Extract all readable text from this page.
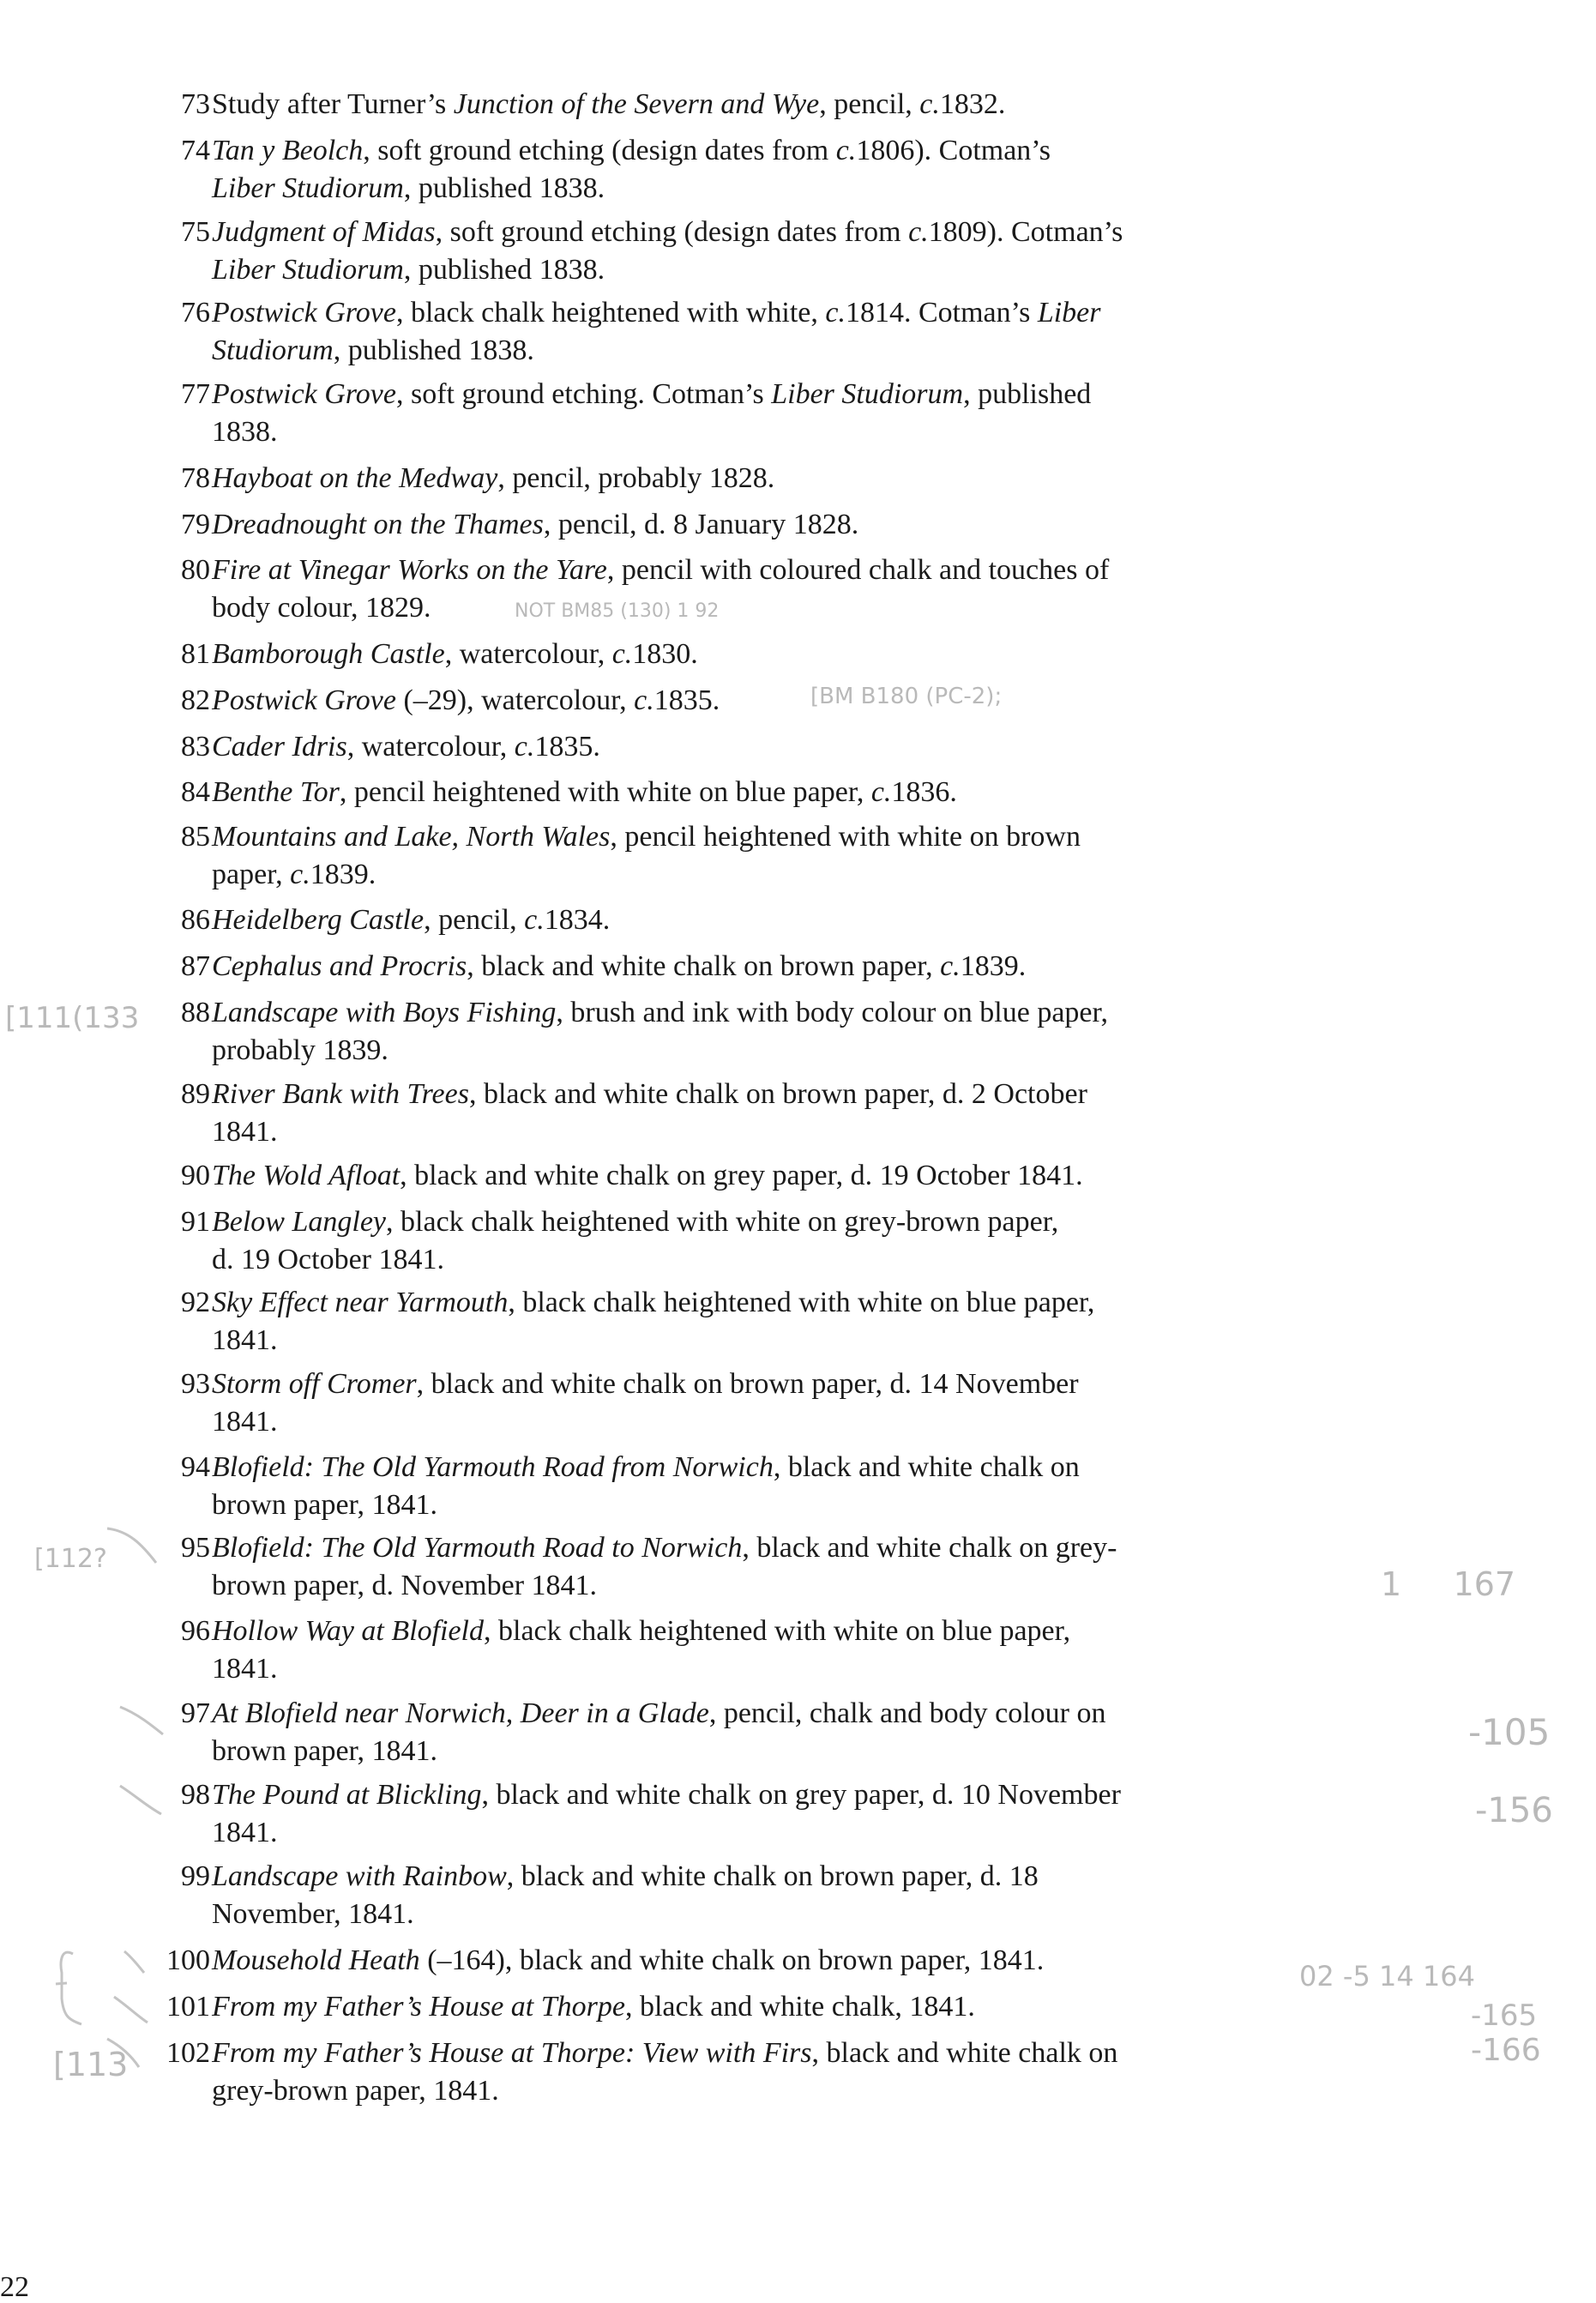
73 Study after Turner’s Junction of the Severn and Wye, pencil, c.1832.
74 Tan y Beolch, soft ground etching (design dates from c.1806). Cotman’s
Liber Studiorum, published 1838.
75 Judgment of Midas, soft ground etching (design dates from c.1809). Cotman’s
Liber Studiorum, published 1838.
76 Postwick Grove, black chalk heightened with white, c.1814. Cotman’s Liber
Studiorum, published 1838.
77 Postwick Grove, soft ground etching. Cotman’s Liber Studiorum, published
1838.
78 Hayboat on the Medway, pencil, probably 1828.
79 Dreadnought on the Thames, pencil, d. 8 January 1828.
80 Fire at Vinegar Works on the Yare, pencil with coloured chalk and touches of
body colour, 1829.
81 Bamborough Castle, watercolour, c.1830.
82 Postwick Grove (–29), watercolour, c.1835.
83 Cader Idris, watercolour, c.1835.
84 Benthe Tor, pencil heightened with white on blue paper, c.1836.
85 Mountains and Lake, North Wales, pencil heightened with white on brown
paper, c.1839.
86 Heidelberg Castle, pencil, c.1834.
87 Cephalus and Procris, black and white chalk on brown paper, c.1839.
88 Landscape with Boys Fishing, brush and ink with body colour on blue paper,
probably 1839.
89 River Bank with Trees, black and white chalk on brown paper, d. 2 October
1841.
90 The Wold Afloat, black and white chalk on grey paper, d. 19 October 1841.
91 Below Langley, black chalk heightened with white on grey-brown paper,
d. 19 October 1841.
92 Sky Effect near Yarmouth, black chalk heightened with white on blue paper,
1841.
93 Storm off Cromer, black and white chalk on brown paper, d. 14 November
1841.
94 Blofield: The Old Yarmouth Road from Norwich, black and white chalk on
brown paper, 1841.
95 Blofield: The Old Yarmouth Road to Norwich, black and white chalk on grey-
brown paper, d. November 1841.
96 Hollow Way at Blofield, black chalk heightened with white on blue paper,
1841.
97 At Blofield near Norwich, Deer in a Glade, pencil, chalk and body colour on
brown paper, 1841.
98 The Pound at Blickling, black and white chalk on grey paper, d. 10 November
1841.
99 Landscape with Rainbow, black and white chalk on brown paper, d. 18
November, 1841.
100 Mousehold Heath (–164), black and white chalk on brown paper, 1841.
101 From my Father’s House at Thorpe, black and white chalk, 1841.
102 From my Father’s House at Thorpe: View with Firs, black and white chalk on
grey-brown paper, 1841.
NOT BM85 (130) 1 92
[BM B180 (PC-2);
[111(133
[112?
1     167
-105
-156
02 -5 14 164
-165
-166
[113
22
